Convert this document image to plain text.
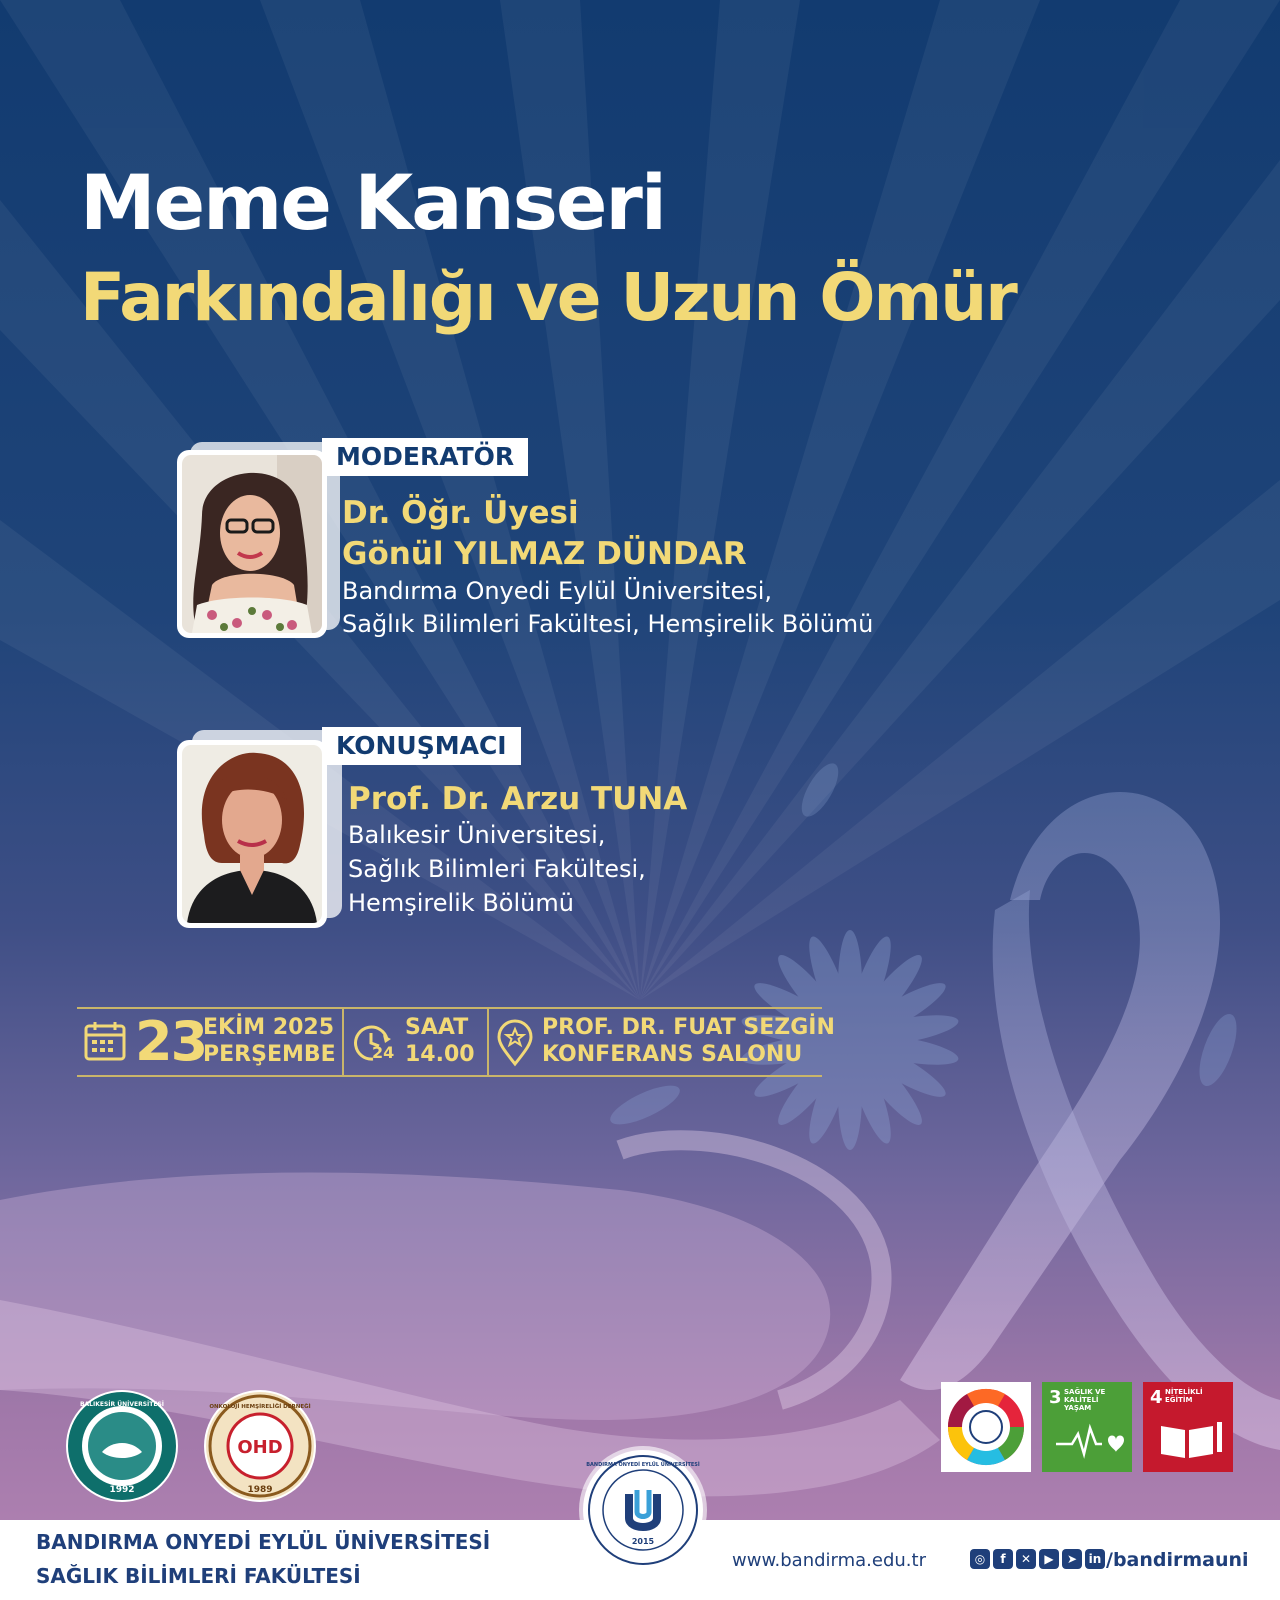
Meme Kanseri
Farkındalığı ve Uzun Ömür
MODERATÖR
Dr. Öğr. Üyesi
Gönül YILMAZ DÜNDAR
Bandırma Onyedi Eylül Üniversitesi,
Sağlık Bilimleri Fakültesi, Hemşirelik Bölümü
KONUŞMACI
Prof. Dr. Arzu TUNA
Balıkesir Üniversitesi,
Sağlık Bilimleri Fakültesi,
Hemşirelik Bölümü
23
EKİM 2025
PERŞEMBE 24
SAAT
14.00
PROF. DR. FUAT SEZGİN
KONFERANS SALONU
1992
BALIKESİR ÜNİVERSİTESİ
OHD
1989
ONKOLOJİ HEMŞİRELİĞİ DERNEĞİ	3 SAĞLIK VE KALİTELİ YAŞAM	4 NİTELİKLİ EĞİTİM
BANDIRMA ONYEDİ EYLÜL ÜNİVERSİTESİ
SAĞLIK BİLİMLERİ FAKÜLTESİ
www.bandirma.edu.tr	◎	f	✕	▶	➤ in /bandirmauni
2015
BANDIRMA ONYEDİ EYLÜL ÜNİVERSİTESİ
